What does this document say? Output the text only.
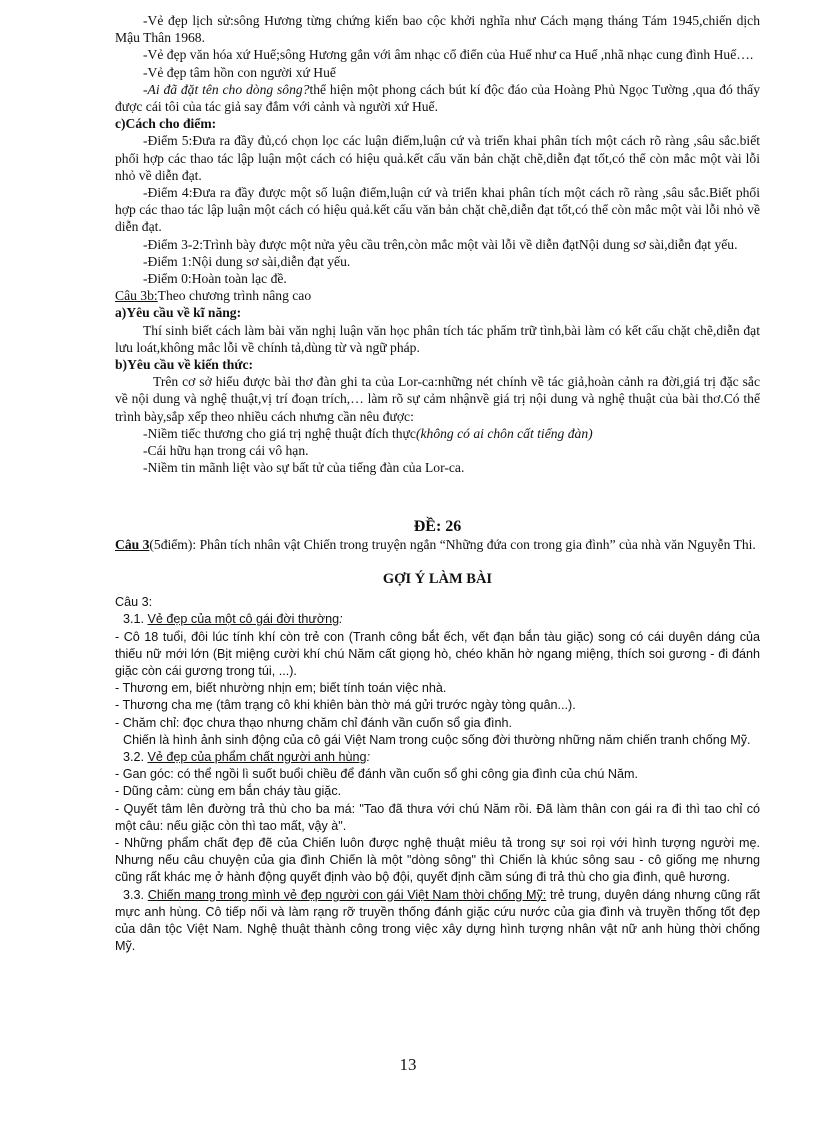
-Vẻ đẹp lịch sử:sông Hương từng chứng kiến bao cộc khởi nghĩa như Cách mạng tháng Tám 1945,chiến dịch Mậu Thân 1968.

-Vẻ đẹp văn hóa xứ Huế;sông Hương gắn với âm nhạc cổ điển của Huế như ca Huế ,nhã nhạc cung đình Huế….

-Vẻ đẹp tâm hồn con người xứ Huế

-Ai đã đặt tên cho dòng sông?thể hiện một phong cách bút kí độc đáo của Hoàng Phủ Ngọc Tường ,qua đó thấy được cái tôi của tác giả say đắm với cảnh và người xứ Huế.

c)Cách cho điểm:

-Điểm 5:Đưa ra đầy đủ,có chọn lọc các luận điểm,luận cứ và triển khai phân tích một cách rõ ràng ,sâu sắc.biết phối hợp các thao tác lập luận một cách có hiệu quả.kết cấu văn bản chặt chẽ,diễn đạt tốt,có thể còn mắc một vài lỗi nhỏ về diễn đạt.

-Điểm 4:Đưa ra đầy được một số luận điểm,luận cứ và triển khai phân tích một cách rõ ràng ,sâu sắc.Biết phối hợp các thao tác lập luận một cách có hiệu quả.kết cấu văn bản chặt chẽ,diễn đạt tốt,có thể còn mắc một vài lỗi nhỏ về diễn đạt.

-Điểm 3-2:Trình bày được một nửa yêu cầu trên,còn mắc một vài lỗi về diễn đạtNội dung sơ sài,diễn đạt yếu.

-Điểm 1:Nội dung sơ sài,diễn đạt yếu.

-Điểm 0:Hoàn toàn lạc đề.

Câu 3b:Theo chương trình nâng cao

a)Yêu cầu về kĩ năng:

Thí sinh biết cách làm bài văn nghị luận văn học phân tích tác phẩm trữ tình,bài làm có kết cấu chặt chẽ,diễn đạt lưu loát,không mắc lỗi về chính tả,dùng từ và ngữ pháp.

b)Yêu cầu về kiến thức:

Trên cơ sở hiểu được bài thơ đàn ghi ta của Lor-ca:những nét chính về tác giả,hoàn cảnh ra đời,giá trị đặc sắc về nội dung và nghệ thuật,vị trí đoạn trích,… làm rõ sự cảm nhậnvề giá trị nội dung và nghệ thuật của bài thơ.Có thể trình bày,sắp xếp theo nhiều cách nhưng cần nêu được:

-Niềm tiếc thương cho giá trị nghệ thuật đích thực(không có ai chôn cất tiếng đàn)

-Cái hữu hạn trong cái vô hạn.

-Niềm tin mãnh liệt vào sự bất tử của tiếng đàn của Lor-ca.

ĐỀ: 26

Câu 3(5điểm): Phân tích nhân vật Chiến trong truyện ngắn “Những đứa con trong gia đình” của nhà văn Nguyễn Thi.

GỢI Ý LÀM BÀI

Câu 3:

3.1. Vẻ đẹp của một cô gái đời thường:

- Cô 18 tuổi, đôi lúc tính khí còn trẻ con (Tranh công bắt ếch, vết đạn bắn tàu giặc) song có cái duyên dáng của thiếu nữ mới lớn (Bịt miệng cười khí chú Năm cất giọng hò, chéo khăn hờ ngang miệng, thích soi gương - đi đánh giặc còn cái gương trong túi, ...).

- Thương em, biết nhường nhịn em; biết tính toán việc nhà.

- Thương cha mẹ (tâm trạng cô khi khiên bàn thờ má gửi trước ngày tòng quân...).

- Chăm chỉ: đọc chưa thạo nhưng chăm chỉ đánh vần cuốn sổ gia đình.

Chiến là hình ảnh sinh động của cô gái Việt Nam trong cuộc sống đời thường những năm chiến tranh chống Mỹ.

3.2. Vẻ đẹp của phẩm chất người anh hùng:

- Gan góc: có thể ngồi lì suốt buổi chiều để đánh vần cuốn sổ ghi công gia đình của chú Năm.

- Dũng cảm: cùng em bắn cháy tàu giặc.

- Quyết tâm lên đường trả thù cho ba má: "Tao đã thưa với chú Năm rồi. Đã làm thân con gái ra đi thì tao chỉ có một câu: nếu giặc còn thì tao mất, vậy à".

- Những phẩm chất đẹp đẽ của Chiến luôn được nghệ thuật miêu tả trong sự soi rọi với hình tượng người mẹ. Nhưng nếu câu chuyện của gia đình Chiến là một "dòng sông" thì Chiến là khúc sông sau - cô giống mẹ nhưng cũng rất khác mẹ ở hành động quyết định vào bộ đội, quyết định cầm súng đi trả thù cho gia đình, quê hương.

3.3. Chiến mang trong mình vẻ đẹp người con gái Việt Nam thời chống Mỹ: trẻ trung, duyên dáng nhưng cũng rất mực anh hùng. Cô tiếp nối và làm rạng rỡ truyền thống đánh giặc cứu nước của gia đình và truyền thống tốt đẹp của dân tộc Việt Nam. Nghệ thuật thành công trong việc xây dựng hình tượng nhân vật nữ anh hùng thời chống Mỹ.

13
